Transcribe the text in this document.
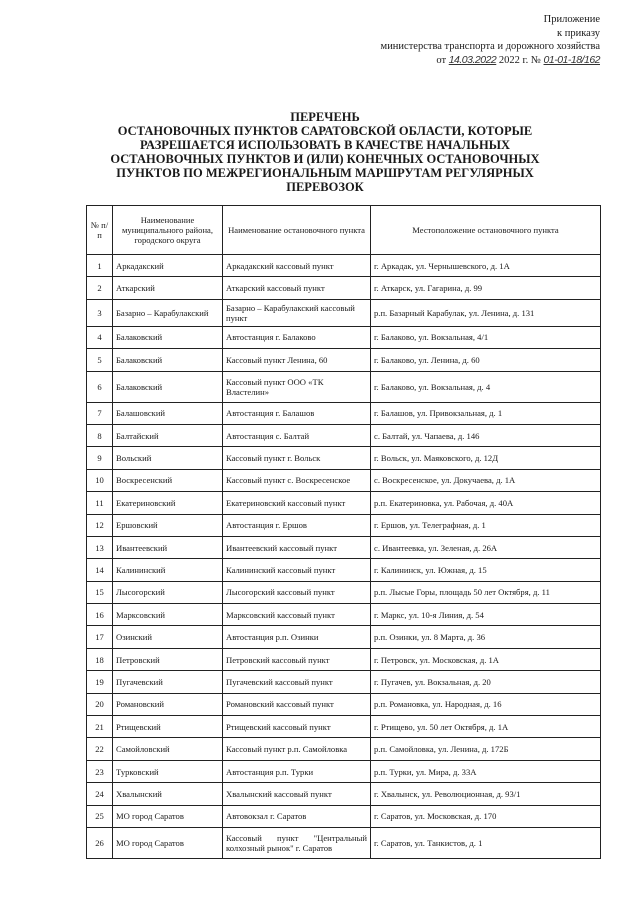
Приложение
к приказу
министерства транспорта и дорожного хозяйства
от 14.03.2022 2022 г. № 01-01-18/162
ПЕРЕЧЕНЬ
ОСТАНОВОЧНЫХ ПУНКТОВ САРАТОВСКОЙ ОБЛАСТИ, КОТОРЫЕ
РАЗРЕШАЕТСЯ ИСПОЛЬЗОВАТЬ В КАЧЕСТВЕ НАЧАЛЬНЫХ
ОСТАНОВОЧНЫХ ПУНКТОВ И (ИЛИ) КОНЕЧНЫХ ОСТАНОВОЧНЫХ
ПУНКТОВ ПО МЕЖРЕГИОНАЛЬНЫМ МАРШРУТАМ РЕГУЛЯРНЫХ
ПЕРЕВОЗОК
№ п/п	Наименование муниципального района, городского округа	Наименование остановочного пункта	Местоположение остановочного пункта
1	Аркадакский	Аркадакский кассовый пункт	г. Аркадак, ул. Чернышевского, д. 1А
2	Аткарский	Аткарский кассовый пункт	г. Аткарск, ул. Гагарина, д. 99
3	Базарно – Карабулакский	Базарно – Карабулакский кассовый пункт	р.п. Базарный Карабулак, ул. Ленина, д. 131
4	Балаковский	Автостанция г. Балаково	г. Балаково, ул. Вокзальная, 4/1
5	Балаковский	Кассовый пункт Ленина, 60	г. Балаково, ул. Ленина, д. 60
6	Балаковский	Кассовый пункт ООО «ТК Властелин»	г. Балаково, ул. Вокзальная, д. 4
7	Балашовский	Автостанция г. Балашов	г. Балашов, ул. Привокзальная, д. 1
8	Балтайский	Автостанция с. Балтай	с. Балтай, ул. Чапаева, д. 146
9	Вольский	Кассовый пункт г. Вольск	г. Вольск, ул. Маяковского, д. 12Д
10	Воскресенский	Кассовый пункт с. Воскресенское	с. Воскресенское, ул. Докучаева, д. 1А
11	Екатериновский	Екатериновский кассовый пункт	р.п. Екатериновка, ул. Рабочая, д. 40А
12	Ершовский	Автостанция г. Ершов	г. Ершов, ул. Телеграфная, д. 1
13	Ивантеевский	Ивантеевский кассовый пункт	с. Ивантеевка, ул. Зеленая, д. 26А
14	Калининский	Калининский кассовый пункт	г. Калининск, ул. Южная, д. 15
15	Лысогорский	Лысогорский кассовый пункт	р.п. Лысые Горы, площадь 50 лет Октября, д. 11
16	Марксовский	Марксовский кассовый пункт	г. Маркс, ул. 10-я Линия, д. 54
17	Озинский	Автостанция р.п. Озинки	р.п. Озинки, ул. 8 Марта, д. 36
18	Петровский	Петровский кассовый пункт	г. Петровск, ул. Московская, д. 1А
19	Пугачевский	Пугачевский кассовый пункт	г. Пугачев, ул. Вокзальная, д. 20
20	Романовский	Романовский кассовый пункт	р.п. Романовка, ул. Народная, д. 16
21	Ртищевский	Ртищевский кассовый пункт	г. Ртищево, ул. 50 лет Октября, д. 1А
22	Самойловский	Кассовый пункт р.п. Самойловка	р.п. Самойловка, ул. Ленина, д. 172Б
23	Турковский	Автостанция р.п. Турки	р.п. Турки, ул. Мира, д. 33А
24	Хвалынский	Хвалынский кассовый пункт	г. Хвалынск, ул. Революционная, д. 93/1
25	МО город Саратов	Автовокзал г. Саратов	г. Саратов, ул. Московская, д. 170
26	МО город Саратов	Кассовый пункт "Центральный колхозный рынок" г. Саратов	г. Саратов, ул. Танкистов, д. 1
